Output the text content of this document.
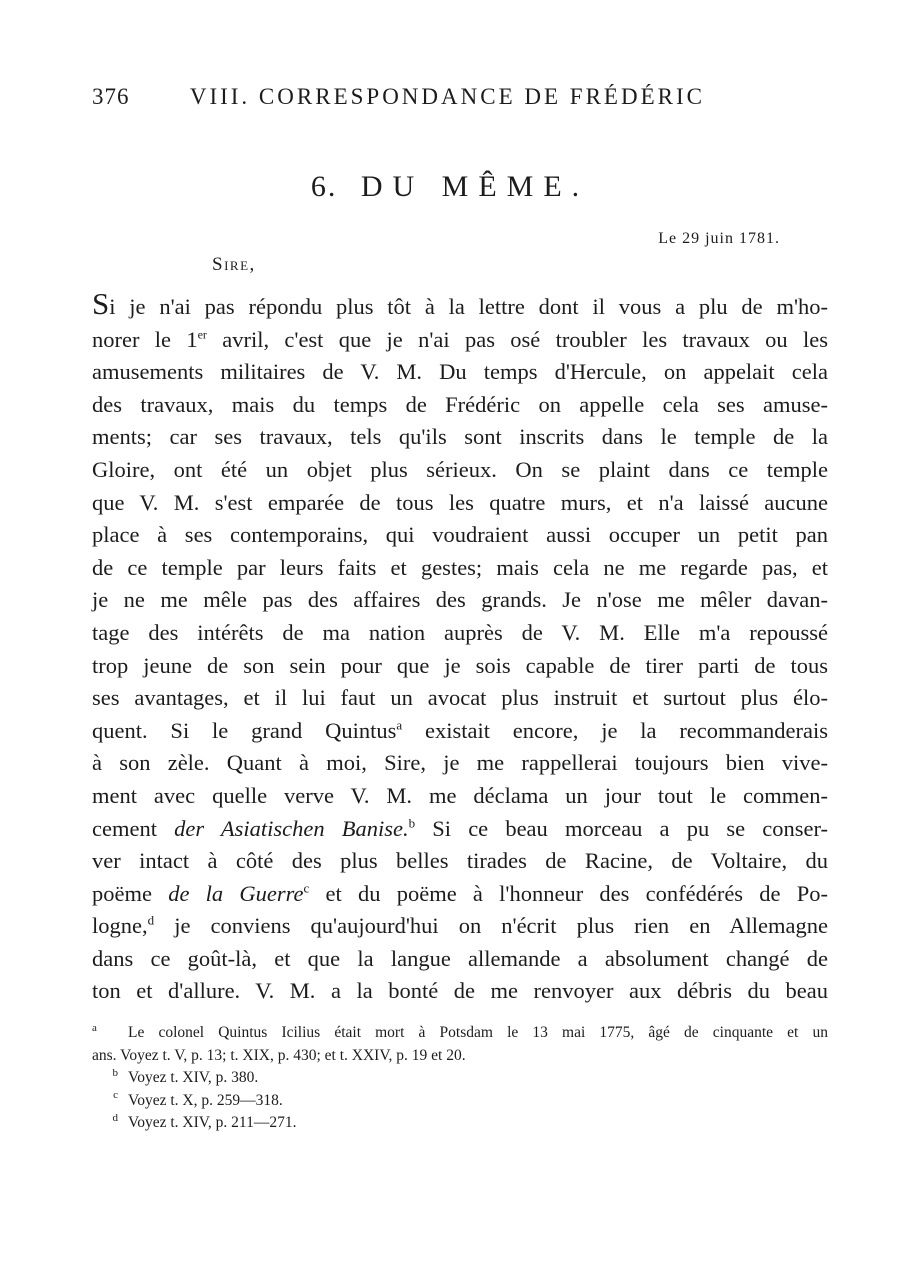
376	VIII. CORRESPONDANCE DE FRÉDÉRIC
6. DU MÊME.
Le 29 juin 1781.
Sire,
Si je n'ai pas répondu plus tôt à la lettre dont il vous a plu de m'ho-
norer le 1er avril, c'est que je n'ai pas osé troubler les travaux ou les
amusements militaires de V. M. Du temps d'Hercule, on appelait cela
des travaux, mais du temps de Frédéric on appelle cela ses amuse-
ments; car ses travaux, tels qu'ils sont inscrits dans le temple de la
Gloire, ont été un objet plus sérieux. On se plaint dans ce temple
que V. M. s'est emparée de tous les quatre murs, et n'a laissé aucune
place à ses contemporains, qui voudraient aussi occuper un petit pan
de ce temple par leurs faits et gestes; mais cela ne me regarde pas, et
je ne me mêle pas des affaires des grands. Je n'ose me mêler davan-
tage des intérêts de ma nation auprès de V. M. Elle m'a repoussé
trop jeune de son sein pour que je sois capable de tirer parti de tous
ses avantages, et il lui faut un avocat plus instruit et surtout plus élo-
quent. Si le grand Quintus$^a$ existait encore, je la recommanderais
à son zèle. Quant à moi, Sire, je me rappellerai toujours bien vive-
ment avec quelle verve V. M. me déclama un jour tout le commen-
cement der Asiatischen Banise.$^b$ Si ce beau morceau a pu se conser-
ver intact à côté des plus belles tirades de Racine, de Voltaire, du
poëme de la Guerre$^c$ et du poëme à l'honneur des confédérés de Po-
logne,$^d$ je conviens qu'aujourd'hui on n'écrit plus rien en Allemagne
dans ce goût-là, et que la langue allemande a absolument changé de
ton et d'allure. V. M. a la bonté de me renvoyer aux débris du beau
a Le colonel Quintus Icilius était mort à Potsdam le 13 mai 1775, âgé de cinquante et un
ans. Voyez t. V, p. 13; t. XIX, p. 430; et t. XXIV, p. 19 et 20.
b Voyez t. XIV, p. 380.
c Voyez t. X, p. 259—318.
d Voyez t. XIV, p. 211—271.
